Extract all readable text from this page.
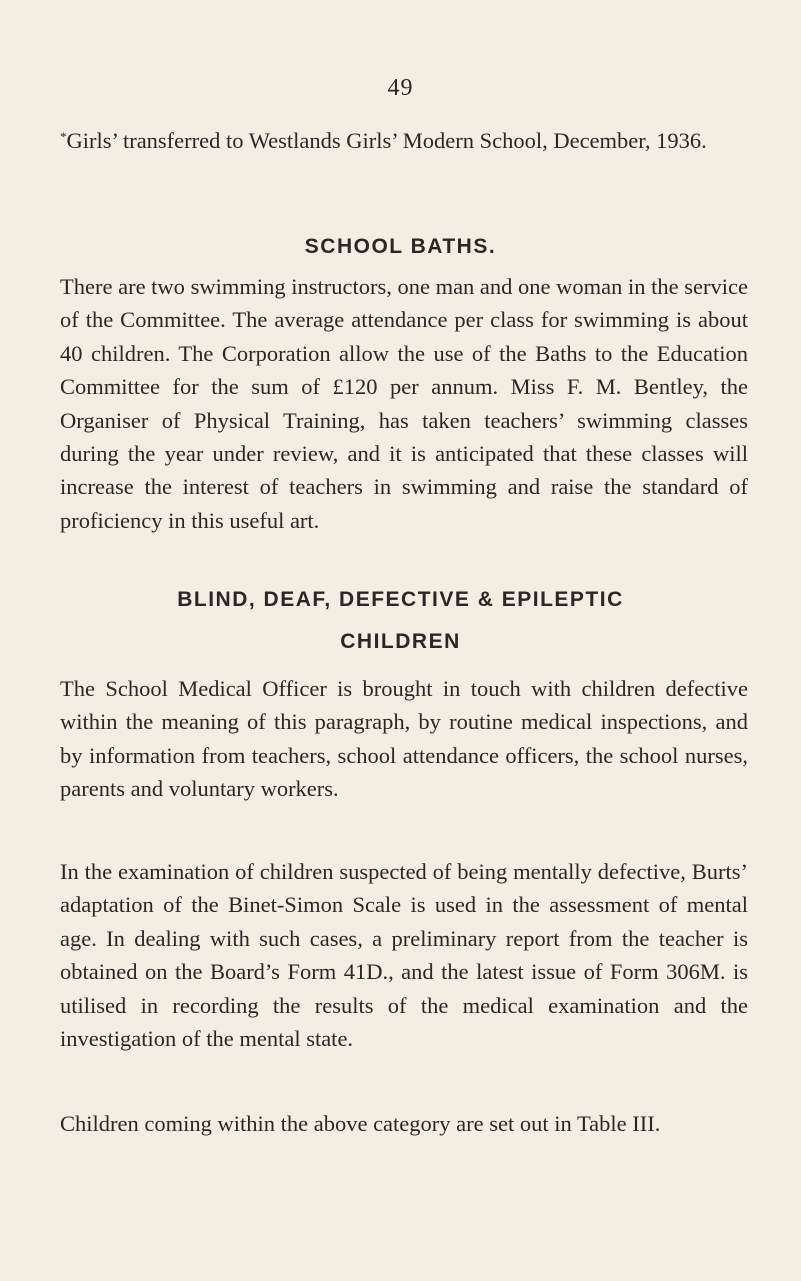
49

*Girls’ transferred to Westlands Girls’ Modern School, December, 1936.

SCHOOL BATHS.

There are two swimming instructors, one man and one woman in the service of the Committee. The average attendance per class for swimming is about 40 children. The Corporation allow the use of the Baths to the Education Committee for the sum of £120 per annum. Miss F. M. Bentley, the Organiser of Physical Training, has taken teachers’ swimming classes during the year under review, and it is anticipated that these classes will increase the interest of teachers in swimming and raise the standard of proficiency in this useful art.

BLIND, DEAF, DEFECTIVE & EPILEPTIC
CHILDREN

The School Medical Officer is brought in touch with children defective within the meaning of this paragraph, by routine medical inspections, and by information from teachers, school attendance officers, the school nurses, parents and voluntary workers.

In the examination of children suspected of being mentally defective, Burts’ adaptation of the Binet-Simon Scale is used in the assessment of mental age. In dealing with such cases, a preliminary report from the teacher is obtained on the Board’s Form 41D., and the latest issue of Form 306M. is utilised in recording the results of the medical examination and the investigation of the mental state.

Children coming within the above category are set out in Table III.
